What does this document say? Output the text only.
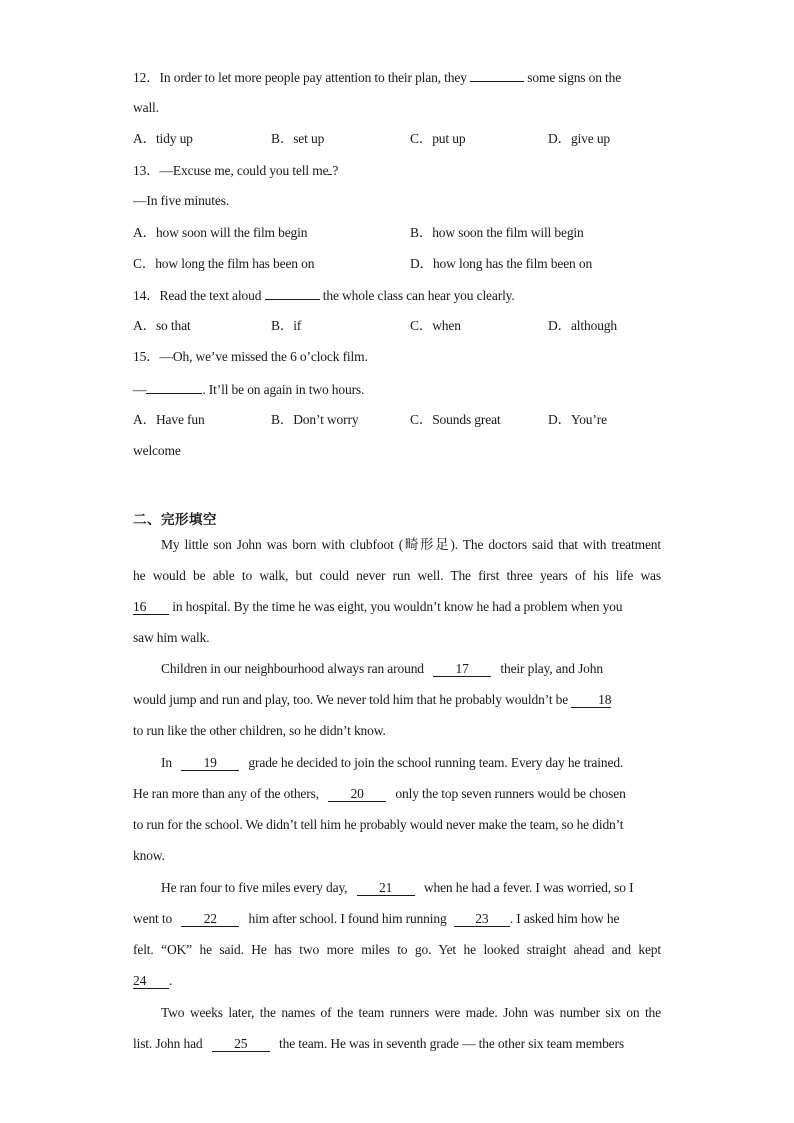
12．In order to let more people pay attention to their plan, they	some signs on the
wall.
A．tidy up	B．set up	C．put up	D．give up
13．—Excuse me, could you tell me ?
—In five minutes.
A．how soon will the film begin	B．how soon the film will begin
C．how long the film has been on	D．how long has the film been on
14．Read the text aloud	the whole class can hear you clearly.
A．so that	B．if	C．when	D．although
15．—Oh, we’ve missed the 6 o’clock film.
—	. It’ll be on again in two hours.
A．Have fun	B．Don’t worry	C．Sounds great	D．You’re
welcome
二、完形填空
My little son John was born with clubfoot (畸形足). The doctors said that with treatment
he would be able to walk, but could never run well. The first three years of his life was
16 in hospital. By the time he was eight, you wouldn’t know he had a problem when you
saw him walk.
Children in our neighbourhood always ran around 17 their play, and John
would jump and run and play, too. We never told him that he probably wouldn’t be 18
to run like the other children, so he didn’t know.
In 19 grade he decided to join the school running team. Every day he trained.
He ran more than any of the others, 20 only the top seven runners would be chosen
to run for the school. We didn’t tell him he probably would never make the team, so he didn’t
know.
He ran four to five miles every day, 21 when he had a fever. I was worried, so I
went to 22 him after school. I found him running 23 . I asked him how he
felt. “OK” he said. He has two more miles to go. Yet he looked straight ahead and kept
24 .
Two weeks later, the names of the team runners were made. John was number six on the
list. John had 25 the team. He was in seventh grade — the other six team members
